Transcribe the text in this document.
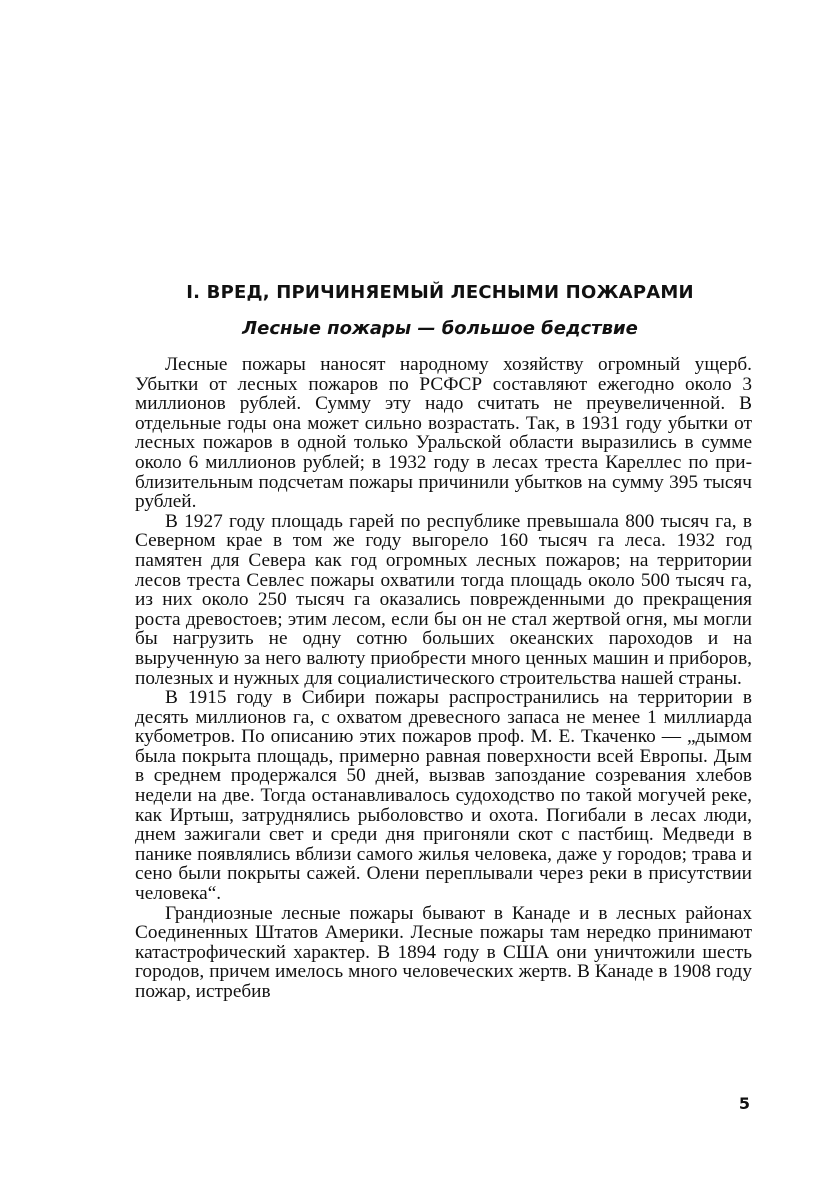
I. ВРЕД, ПРИЧИНЯЕМЫЙ ЛЕСНЫМИ ПОЖАРАМИ
Лесные пожары — большое бедствие

Лесные пожары наносят народному хозяйству огромный ущерб. Убытки от лесных пожаров по РСФСР составляют ежегодно около 3 миллионов рублей. Сумму эту надо считать не преувеличенной. В отдельные годы она может сильно возрастать. Так, в 1931 году убытки от лесных пожаров в одной только Уральской области выразились в сумме около 6 миллионов рублей; в 1932 году в лесах треста Кареллес по приблизительным подсчетам пожары причинили убытков на сумму 395 тысяч рублей.

В 1927 году площадь гарей по республике превышала 800 тысяч га, в Северном крае в том же году выгорело 160 тысяч га леса. 1932 год памятен для Севера как год огромных лесных пожаров; на территории лесов треста Севлес пожары охватили тогда площадь около 500 тысяч га, из них около 250 тысяч га оказались поврежденными до прекращения роста древостоев; этим лесом, если бы он не стал жертвой огня, мы могли бы нагрузить не одну сотню больших океанских пароходов и на вырученную за него валюту приобрести много ценных машин и приборов, полезных и нужных для социалистического строительства нашей страны.

В 1915 году в Сибири пожары распространились на территории в десять миллионов га, с охватом древесного запаса не менее 1 миллиарда кубометров. По описанию этих пожаров проф. М. Е. Ткаченко — „дымом была покрыта площадь, примерно равная поверхности всей Европы. Дым в среднем продержался 50 дней, вызвав запоздание созревания хлебов недели на две. Тогда останавливалось судоходство по такой могучей реке, как Иртыш, затруднялись рыболовство и охота. Погибали в лесах люди, днем зажигали свет и среди дня пригоняли скот с пастбищ. Медведи в панике появлялись вблизи самого жилья человека, даже у городов; трава и сено были покрыты сажей. Олени переплывали через реки в присутствии человека“.

Грандиозные лесные пожары бывают в Канаде и в лесных районах Соединенных Штатов Америки. Лесные пожары там нередко принимают катастрофический характер. В 1894 году в США они уничтожили шесть городов, причем имелось много человеческих жертв. В Канаде в 1908 году пожар, истребив

5
